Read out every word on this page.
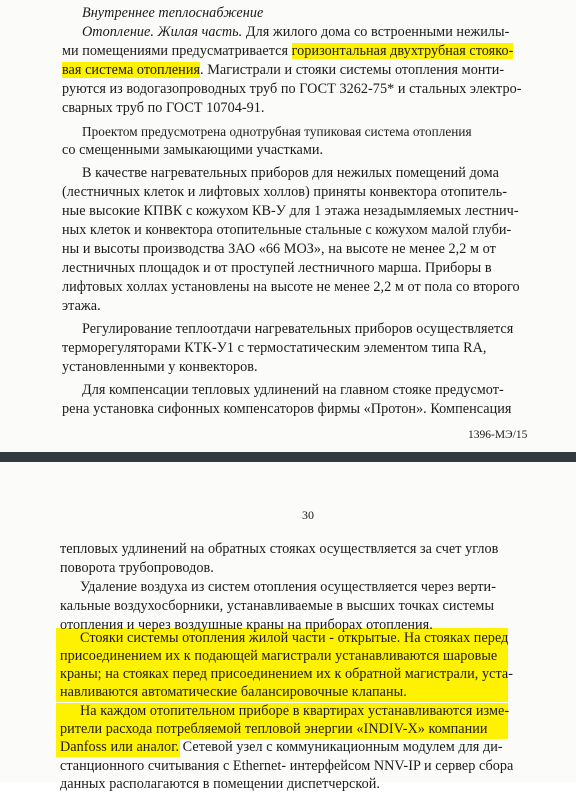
Внутреннее теплоснабжение
Отопление. Жилая часть. Для жилого дома со встроенными нежилы-
ми помещениями предусматривается горизонтальная двухтрубная стояко-
вая система отопления. Магистрали и стояки системы отопления монти-
руются из водогазопроводных труб по ГОСТ 3262-75* и стальных электро-
сварных труб по ГОСТ 10704-91.
Проектом предусмотрена однотрубная тупиковая система отопления
со смещенными замыкающими участками.
В качестве нагревательных приборов для нежилых помещений дома
(лестничных клеток и лифтовых холлов) приняты конвектора отопитель-
ные высокие КПВК с кожухом КВ-У для 1 этажа незадымляемых лестнич-
ных клеток и конвектора отопительные стальные с кожухом малой глуби-
ны и высоты производства ЗАО «66 МОЗ», на высоте не менее 2,2 м от
лестничных площадок и от проступей лестничного марша. Приборы в
лифтовых холлах установлены на высоте не менее 2,2 м от пола со второго
этажа.
Регулирование теплоотдачи нагревательных приборов осуществляется
терморегуляторами КТК-У1 с термостатическим элементом типа RA,
установленными у конвекторов.
Для компенсации тепловых удлинений на главном стояке предусмот-
рена установка сифонных компенсаторов фирмы «Протон». Компенсация
1396-МЭ/15
30
тепловых удлинений на обратных стояках осуществляется за счет углов
поворота трубопроводов.
Удаление воздуха из систем отопления осуществляется через верти-
кальные воздухосборники, устанавливаемые в высших точках системы
отопления и через воздушные краны на приборах отопления.
Стояки системы отопления жилой части - открытые. На стояках перед
присоединением их к подающей магистрали устанавливаются шаровые
краны; на стояках перед присоединением их к обратной магистрали, уста-
навливаются автоматические балансировочные клапаны.
На каждом отопительном приборе в квартирах устанавливаются изме-
рители расхода потребляемой тепловой энергии «INDIV-X» компании
Danfoss или аналог. Сетевой узел с коммуникационным модулем для ди-
станционного считывания с Ethernet- интерфейсом NNV-IP и сервер сбора
данных располагаются в помещении диспетчерской.
